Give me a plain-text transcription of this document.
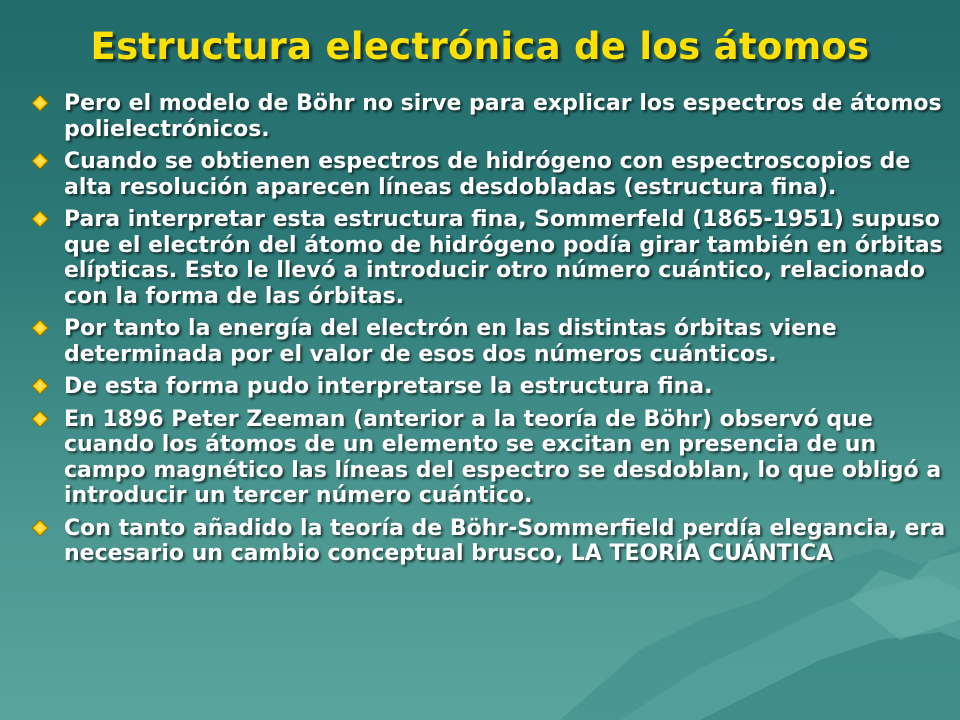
Estructura electrónica de los átomos
Pero el modelo de Böhr no sirve para explicar los espectros de átomos polielectrónicos.
Cuando se obtienen espectros de hidrógeno con espectroscopios de alta resolución aparecen líneas desdobladas (estructura fina).
Para interpretar esta estructura fina, Sommerfeld (1865-1951) supuso que el electrón del átomo de hidrógeno podía girar también en órbitas elípticas. Esto le llevó a introducir otro número cuántico, relacionado con la forma de las órbitas.
Por tanto la energía del electrón en las distintas órbitas viene determinada por el valor de esos dos números cuánticos.
De esta forma pudo interpretarse la estructura fina.
En 1896 Peter Zeeman (anterior a la teoría de Böhr) observó que cuando los átomos de un elemento se excitan en presencia de un campo magnético las líneas del espectro se desdoblan, lo que obligó a introducir un tercer número cuántico.
Con tanto añadido la teoría de Böhr-Sommerfield perdía elegancia, era necesario un cambio conceptual brusco, LA TEORÍA CUÁNTICA
